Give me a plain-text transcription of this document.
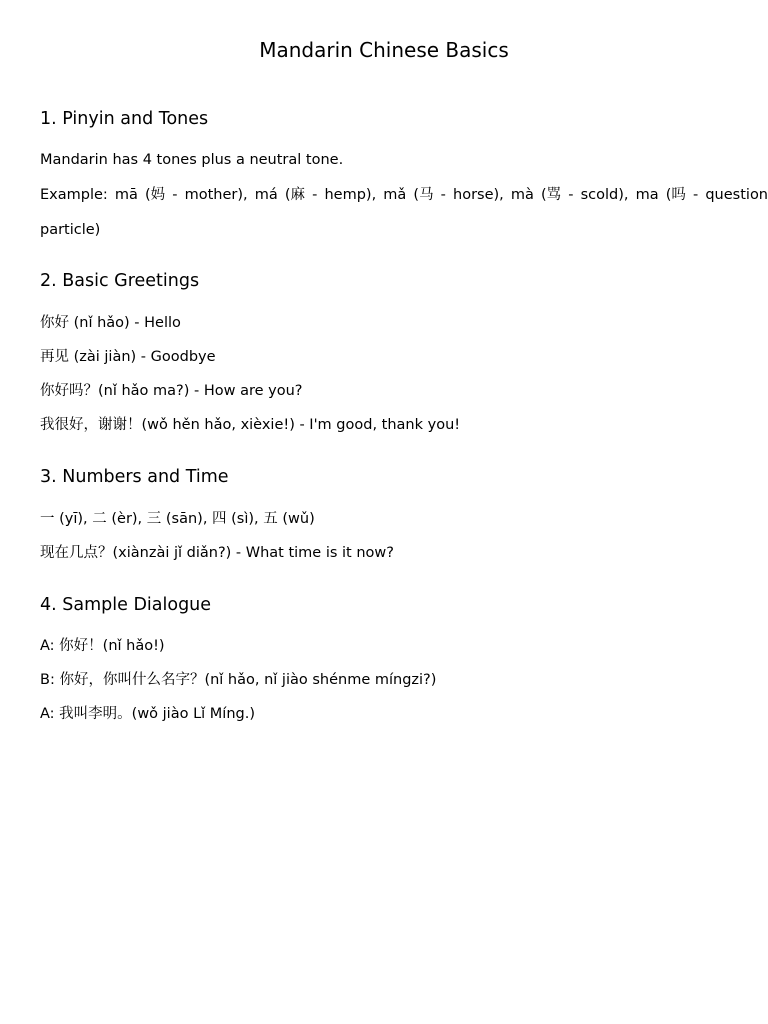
Mandarin Chinese Basics
1. Pinyin and Tones
Mandarin has 4 tones plus a neutral tone.
Example: mā (妈 - mother), má (麻 - hemp), mǎ (马 - horse), mà (骂 - scold), ma (吗 - question
particle)
2. Basic Greetings
你好 (nǐ hǎo) - Hello
再见 (zài jiàn) - Goodbye
你好吗？(nǐ hǎo ma?) - How are you?
我很好，谢谢！(wǒ hěn hǎo, xièxie!) - I'm good, thank you!
3. Numbers and Time
一 (yī), 二 (èr), 三 (sān), 四 (sì), 五 (wǔ)
现在几点？(xiànzài jǐ diǎn?) - What time is it now?
4. Sample Dialogue
A: 你好！(nǐ hǎo!)
B: 你好，你叫什么名字？(nǐ hǎo, nǐ jiào shénme míngzi?)
A: 我叫李明。(wǒ jiào Lǐ Míng.)
